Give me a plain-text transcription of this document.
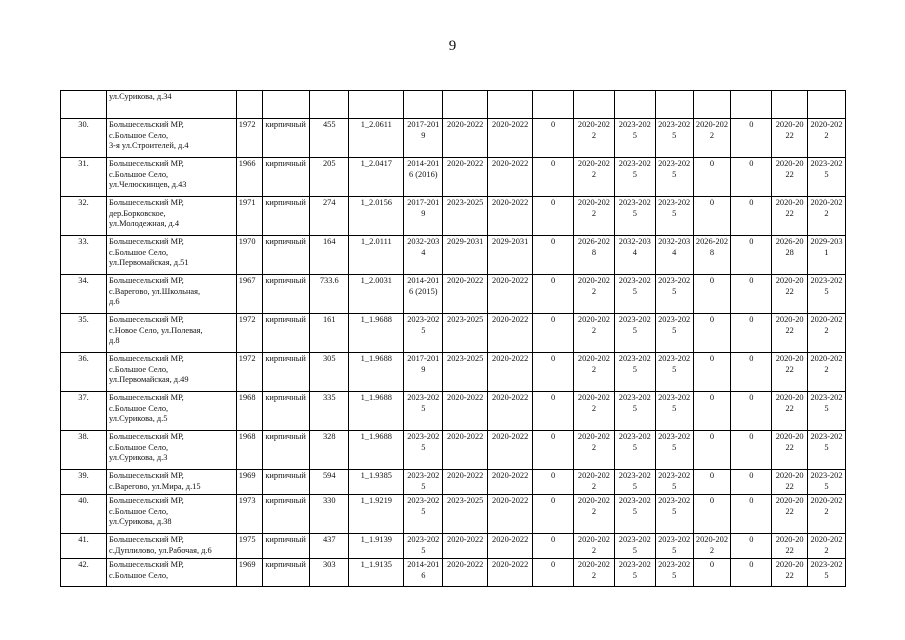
9

	ул.Сурикова, д.34															

30.	Большесельский МР,
с.Большое Село,
3-я ул.Строителей, д.4	1972	кирпичный	455	1_2.0611	2017-2019	2020-2022	2020-2022	0	2020-2022	2023-2025	2023-2025	2020-2022	0	2020-2022	2020-2022
31.	Большесельский МР,
с.Большое Село,
ул.Челюскинцев, д.43	1966	кирпичный	205	1_2.0417	2014-2016 (2016)	2020-2022	2020-2022	0	2020-2022	2023-2025	2023-2025	0	0	2020-2022	2023-2025
32.	Большесельский МР,
дер.Борковское,
ул.Молодежная, д.4	1971	кирпичный	274	1_2.0156	2017-2019	2023-2025	2020-2022	0	2020-2022	2023-2025	2023-2025	0	0	2020-2022	2020-2022
33.	Большесельский МР,
с.Большое Село,
ул.Первомайская, д.51	1970	кирпичный	164	1_2.0111	2032-2034	2029-2031	2029-2031	0	2026-2028	2032-2034	2032-2034	2026-2028	0	2026-2028	2029-2031
34.	Большесельский МР,
с.Варегово, ул.Школьная,
д.6	1967	кирпичный	733.6	1_2.0031	2014-2016 (2015)	2020-2022	2020-2022	0	2020-2022	2023-2025	2023-2025	0	0	2020-2022	2023-2025
35.	Большесельский МР,
с.Новое Село, ул.Полевая,
д.8	1972	кирпичный	161	1_1.9688	2023-2025	2023-2025	2020-2022	0	2020-2022	2023-2025	2023-2025	0	0	2020-2022	2020-2022
36.	Большесельский МР,
с.Большое Село,
ул.Первомайская, д.49	1972	кирпичный	305	1_1.9688	2017-2019	2023-2025	2020-2022	0	2020-2022	2023-2025	2023-2025	0	0	2020-2022	2020-2022
37.	Большесельский МР,
с.Большое Село,
ул.Сурикова, д.5	1968	кирпичный	335	1_1.9688	2023-2025	2020-2022	2020-2022	0	2020-2022	2023-2025	2023-2025	0	0	2020-2022	2023-2025
38.	Большесельский МР,
с.Большое Село,
ул.Сурикова, д.3	1968	кирпичный	328	1_1.9688	2023-2025	2020-2022	2020-2022	0	2020-2022	2023-2025	2023-2025	0	0	2020-2022	2023-2025
39.	Большесельский МР,
с.Варегово, ул.Мира, д.15	1969	кирпичный	594	1_1.9385	2023-2025	2020-2022	2020-2022	0	2020-2022	2023-2025	2023-2025	0	0	2020-2022	2023-2025
40.	Большесельский МР,
с.Большое Село,
ул.Сурикова, д.38	1973	кирпичный	330	1_1.9219	2023-2025	2023-2025	2020-2022	0	2020-2022	2023-2025	2023-2025	0	0	2020-2022	2020-2022
41.	Большесельский МР,
с.Дуплилово, ул.Рабочая, д.6	1975	кирпичный	437	1_1.9139	2023-2025	2020-2022	2020-2022	0	2020-2022	2023-2025	2023-2025	2020-2022	0	2020-2022	2020-2022
42.	Большесельский МР,
с.Большое Село,	1969	кирпичный	303	1_1.9135	2014-2016	2020-2022	2020-2022	0	2020-2022	2023-2025	2023-2025	0	0	2020-2022	2023-2025
